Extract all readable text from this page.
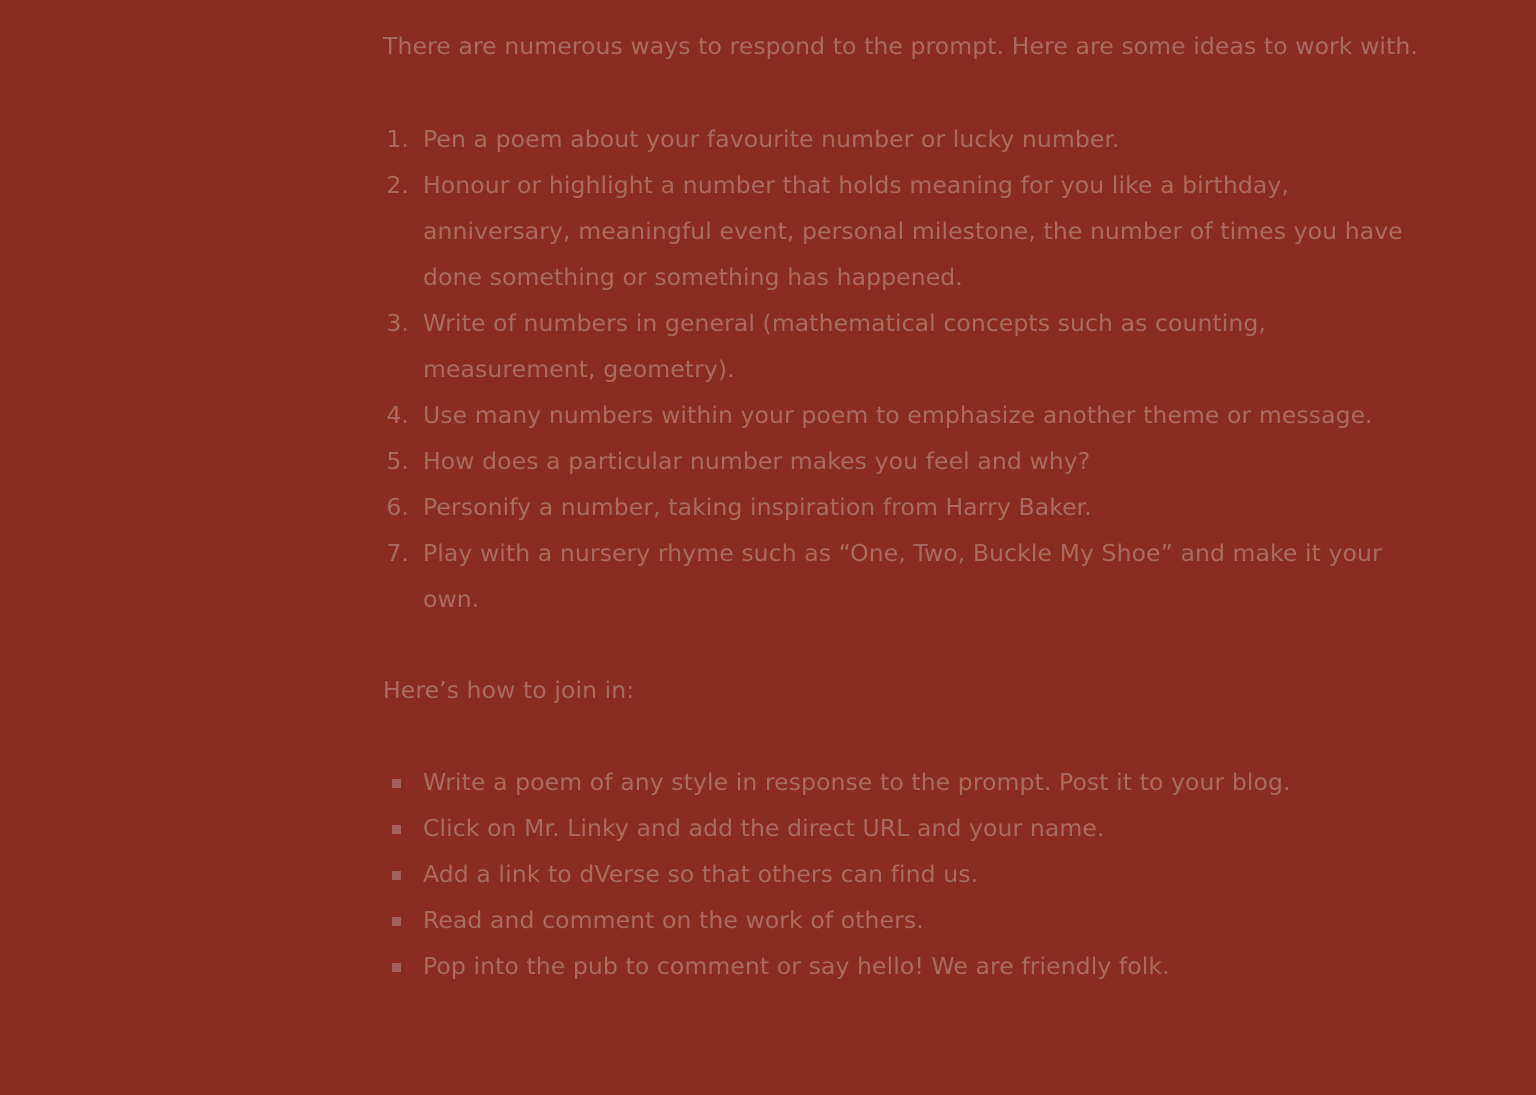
There are numerous ways to respond to the prompt. Here are some ideas to work with.

1. Pen a poem about your favourite number or lucky number.
2. Honour or highlight a number that holds meaning for you like a birthday, anniversary, meaningful event, personal milestone, the number of times you have done something or something has happened.
3. Write of numbers in general (mathematical concepts such as counting, measurement, geometry).
4. Use many numbers within your poem to emphasize another theme or message.
5. How does a particular number makes you feel and why?
6. Personify a number, taking inspiration from Harry Baker.
7. Play with a nursery rhyme such as “One, Two, Buckle My Shoe” and make it your own.

Here’s how to join in:

Write a poem of any style in response to the prompt. Post it to your blog.
Click on Mr. Linky and add the direct URL and your name.
Add a link to dVerse so that others can find us.
Read and comment on the work of others.
Pop into the pub to comment or say hello! We are friendly folk.
